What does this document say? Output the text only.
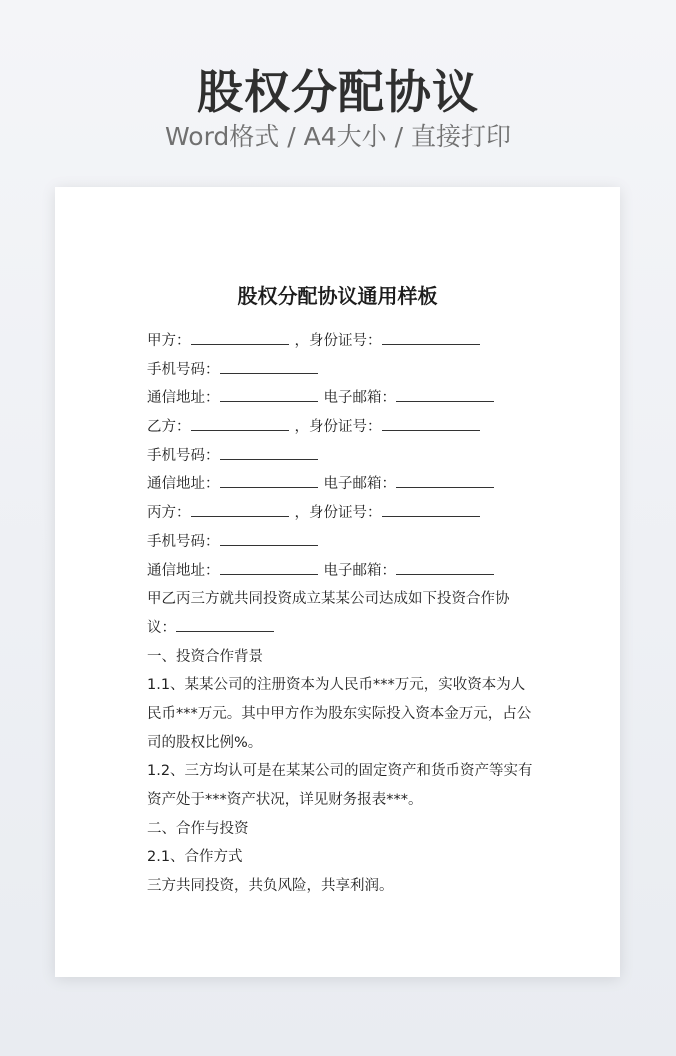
股权分配协议
Word格式 / A4大小 / 直接打印
股权分配协议通用样板
甲方：	，身份证号：
手机号码：
通信地址：	电子邮箱：
乙方：	，身份证号：
手机号码：
通信地址：	电子邮箱：
丙方：	，身份证号：
手机号码：
通信地址：	电子邮箱：
甲乙丙三方就共同投资成立某某公司达成如下投资合作协
议：
一、投资合作背景
1.1、某某公司的注册资本为人民币***万元，实收资本为人民币***万元。其中甲方作为股东实际投入资本金万元，占公司的股权比例%。
1.2、三方均认可是在某某公司的固定资产和货币资产等实有资产处于***资产状况，详见财务报表***。
二、合作与投资
2.1、合作方式
三方共同投资，共负风险，共享利润。
